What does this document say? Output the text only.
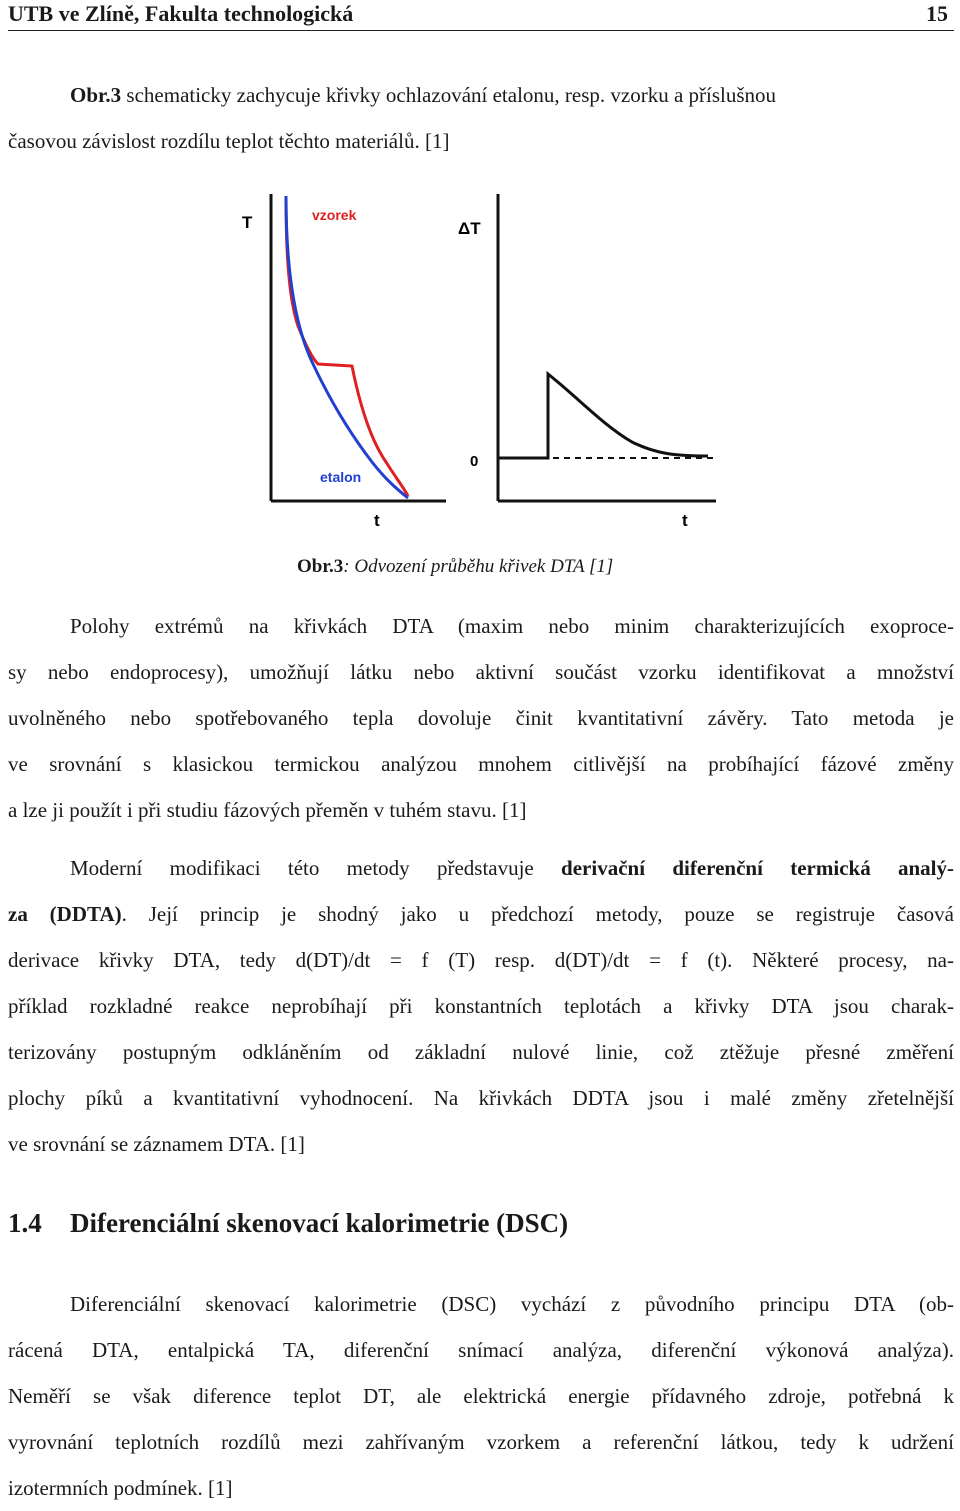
UTB ve Zlíně, Fakulta technologická	15
Obr.3 schematicky zachycuje křivky ochlazování etalonu, resp. vzorku a příslušnou
časovou závislost rozdílu teplot těchto materiálů. [1]
T
t
vzorek
etalon
ΔT
t
0
Obr.3: Odvození průběhu křivek DTA [1]
Polohy extrémů na křivkách DTA (maxim nebo minim charakterizujících exoproce-
sy nebo endoprocesy), umožňují látku nebo aktivní součást vzorku identifikovat a množství
uvolněného nebo spotřebovaného tepla dovoluje činit kvantitativní závěry. Tato metoda je
ve srovnání s klasickou termickou analýzou mnohem citlivější na probíhající fázové změny
a lze ji použít i při studiu fázových přeměn v tuhém stavu. [1]
Moderní modifikaci této metody představuje derivační diferenční termická analý-
za (DDTA). Její princip je shodný jako u předchozí metody, pouze se registruje časová
derivace křivky DTA, tedy d(DT)/dt = f (T) resp. d(DT)/dt = f (t). Některé procesy, na-
příklad rozkladné reakce neprobíhají při konstantních teplotách a křivky DTA jsou charak-
terizovány postupným odkláněním od základní nulové linie, což ztěžuje přesné změření
plochy píků a kvantitativní vyhodnocení. Na křivkách DDTA jsou i malé změny zřetelnější
ve srovnání se záznamem DTA. [1]
1.4 Diferenciální skenovací kalorimetrie (DSC)
Diferenciální skenovací kalorimetrie (DSC) vychází z původního principu DTA (ob-
rácená DTA, entalpická TA, diferenční snímací analýza, diferenční výkonová analýza).
Neměří se však diference teplot DT, ale elektrická energie přídavného zdroje, potřebná k
vyrovnání teplotních rozdílů mezi zahřívaným vzorkem a referenční látkou, tedy k udržení
izotermních podmínek. [1]
